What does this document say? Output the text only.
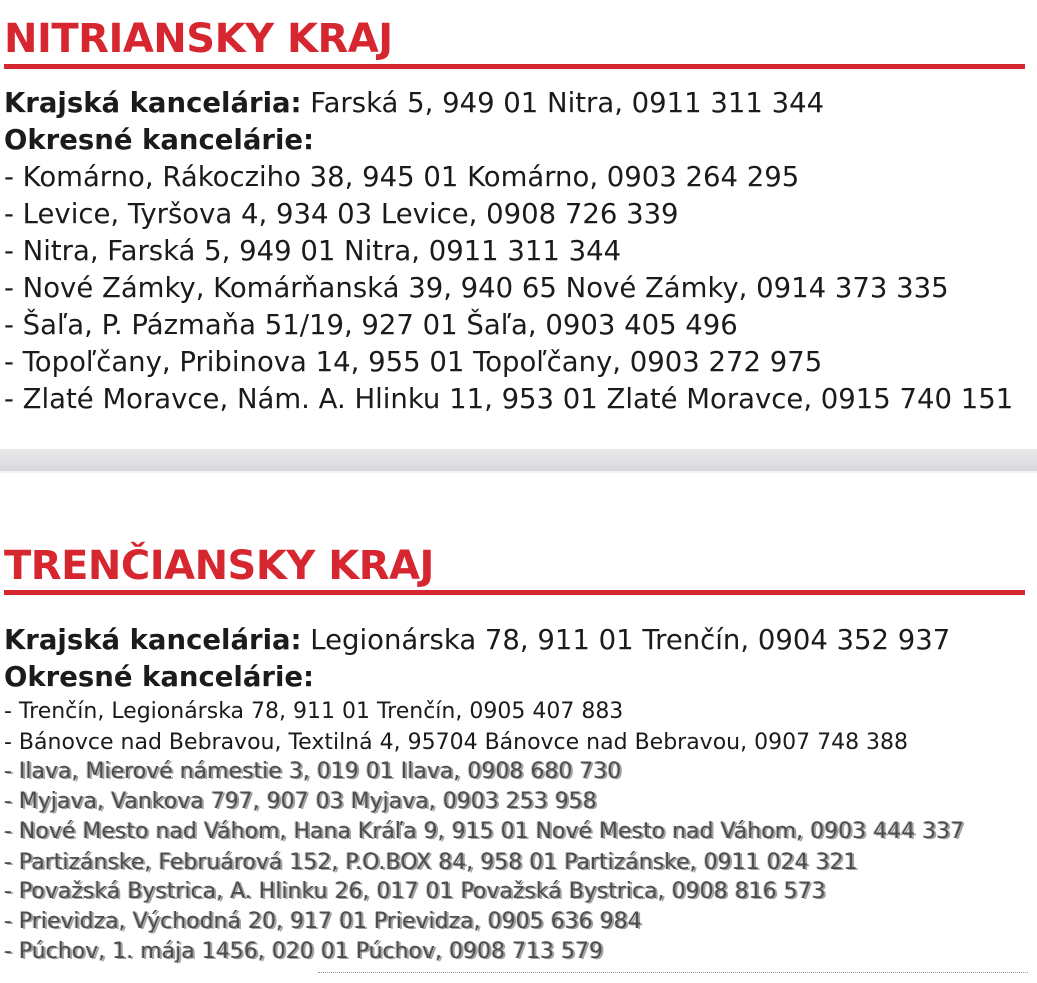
NITRIANSKY KRAJ
Krajská kancelária: Farská 5, 949 01 Nitra, 0911 311 344
Okresné kancelárie:
- Komárno, Rákocziho 38, 945 01 Komárno, 0903 264 295
- Levice, Tyršova 4, 934 03 Levice, 0908 726 339
- Nitra, Farská 5, 949 01 Nitra, 0911 311 344
- Nové Zámky, Komárňanská 39, 940 65 Nové Zámky, 0914 373 335
- Šaľa, P. Pázmaňa 51/19, 927 01 Šaľa, 0903 405 496
- Topoľčany, Pribinova 14, 955 01 Topoľčany, 0903 272 975
- Zlaté Moravce, Nám. A. Hlinku 11, 953 01 Zlaté Moravce, 0915 740 151
TRENČIANSKY KRAJ
Krajská kancelária: Legionárska 78, 911 01 Trenčín, 0904 352 937
Okresné kancelárie:
- Trenčín, Legionárska 78, 911 01 Trenčín, 0905 407 883
- Bánovce nad Bebravou, Textilná 4, 95704 Bánovce nad Bebravou, 0907 748 388
- Ilava, Mierové námestie 3, 019 01 Ilava, 0908 680 730
- Myjava, Vankova 797, 907 03 Myjava, 0903 253 958
- Nové Mesto nad Váhom, Hana Kráľa 9, 915 01 Nové Mesto nad Váhom, 0903 444 337
- Partizánske, Februárová 152, P.O.BOX 84, 958 01 Partizánske, 0911 024 321
- Považská Bystrica, A. Hlinku 26, 017 01 Považská Bystrica, 0908 816 573
- Prievidza, Východná 20, 917 01 Prievidza, 0905 636 984
- Púchov, 1. mája 1456, 020 01 Púchov, 0908 713 579
